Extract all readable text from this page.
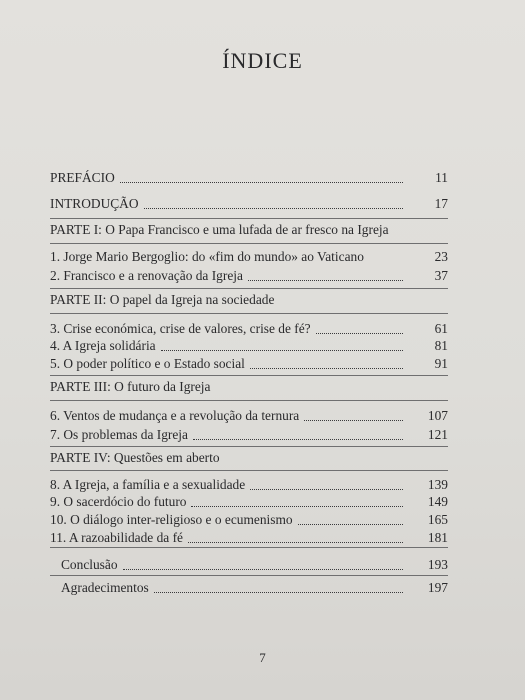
ÍNDICE
PREFÁCIO	11
INTRODUÇÃO	17
PARTE I: O Papa Francisco e uma lufada de ar fresco na Igreja
1. Jorge Mario Bergoglio: do «fim do mundo» ao Vaticano	23
2. Francisco e a renovação da Igreja	37
PARTE II: O papel da Igreja na sociedade
3. Crise económica, crise de valores, crise de fé?	61
4. A Igreja solidária	81
5. O poder político e o Estado social	91
PARTE III: O futuro da Igreja
6. Ventos de mudança e a revolução da ternura	107
7. Os problemas da Igreja	121
PARTE IV: Questões em aberto
8. A Igreja, a família e a sexualidade	139
9. O sacerdócio do futuro	149
10. O diálogo inter-religioso e o ecumenismo	165
11. A razoabilidade da fé	181
Conclusão	193
Agradecimentos	197
7
